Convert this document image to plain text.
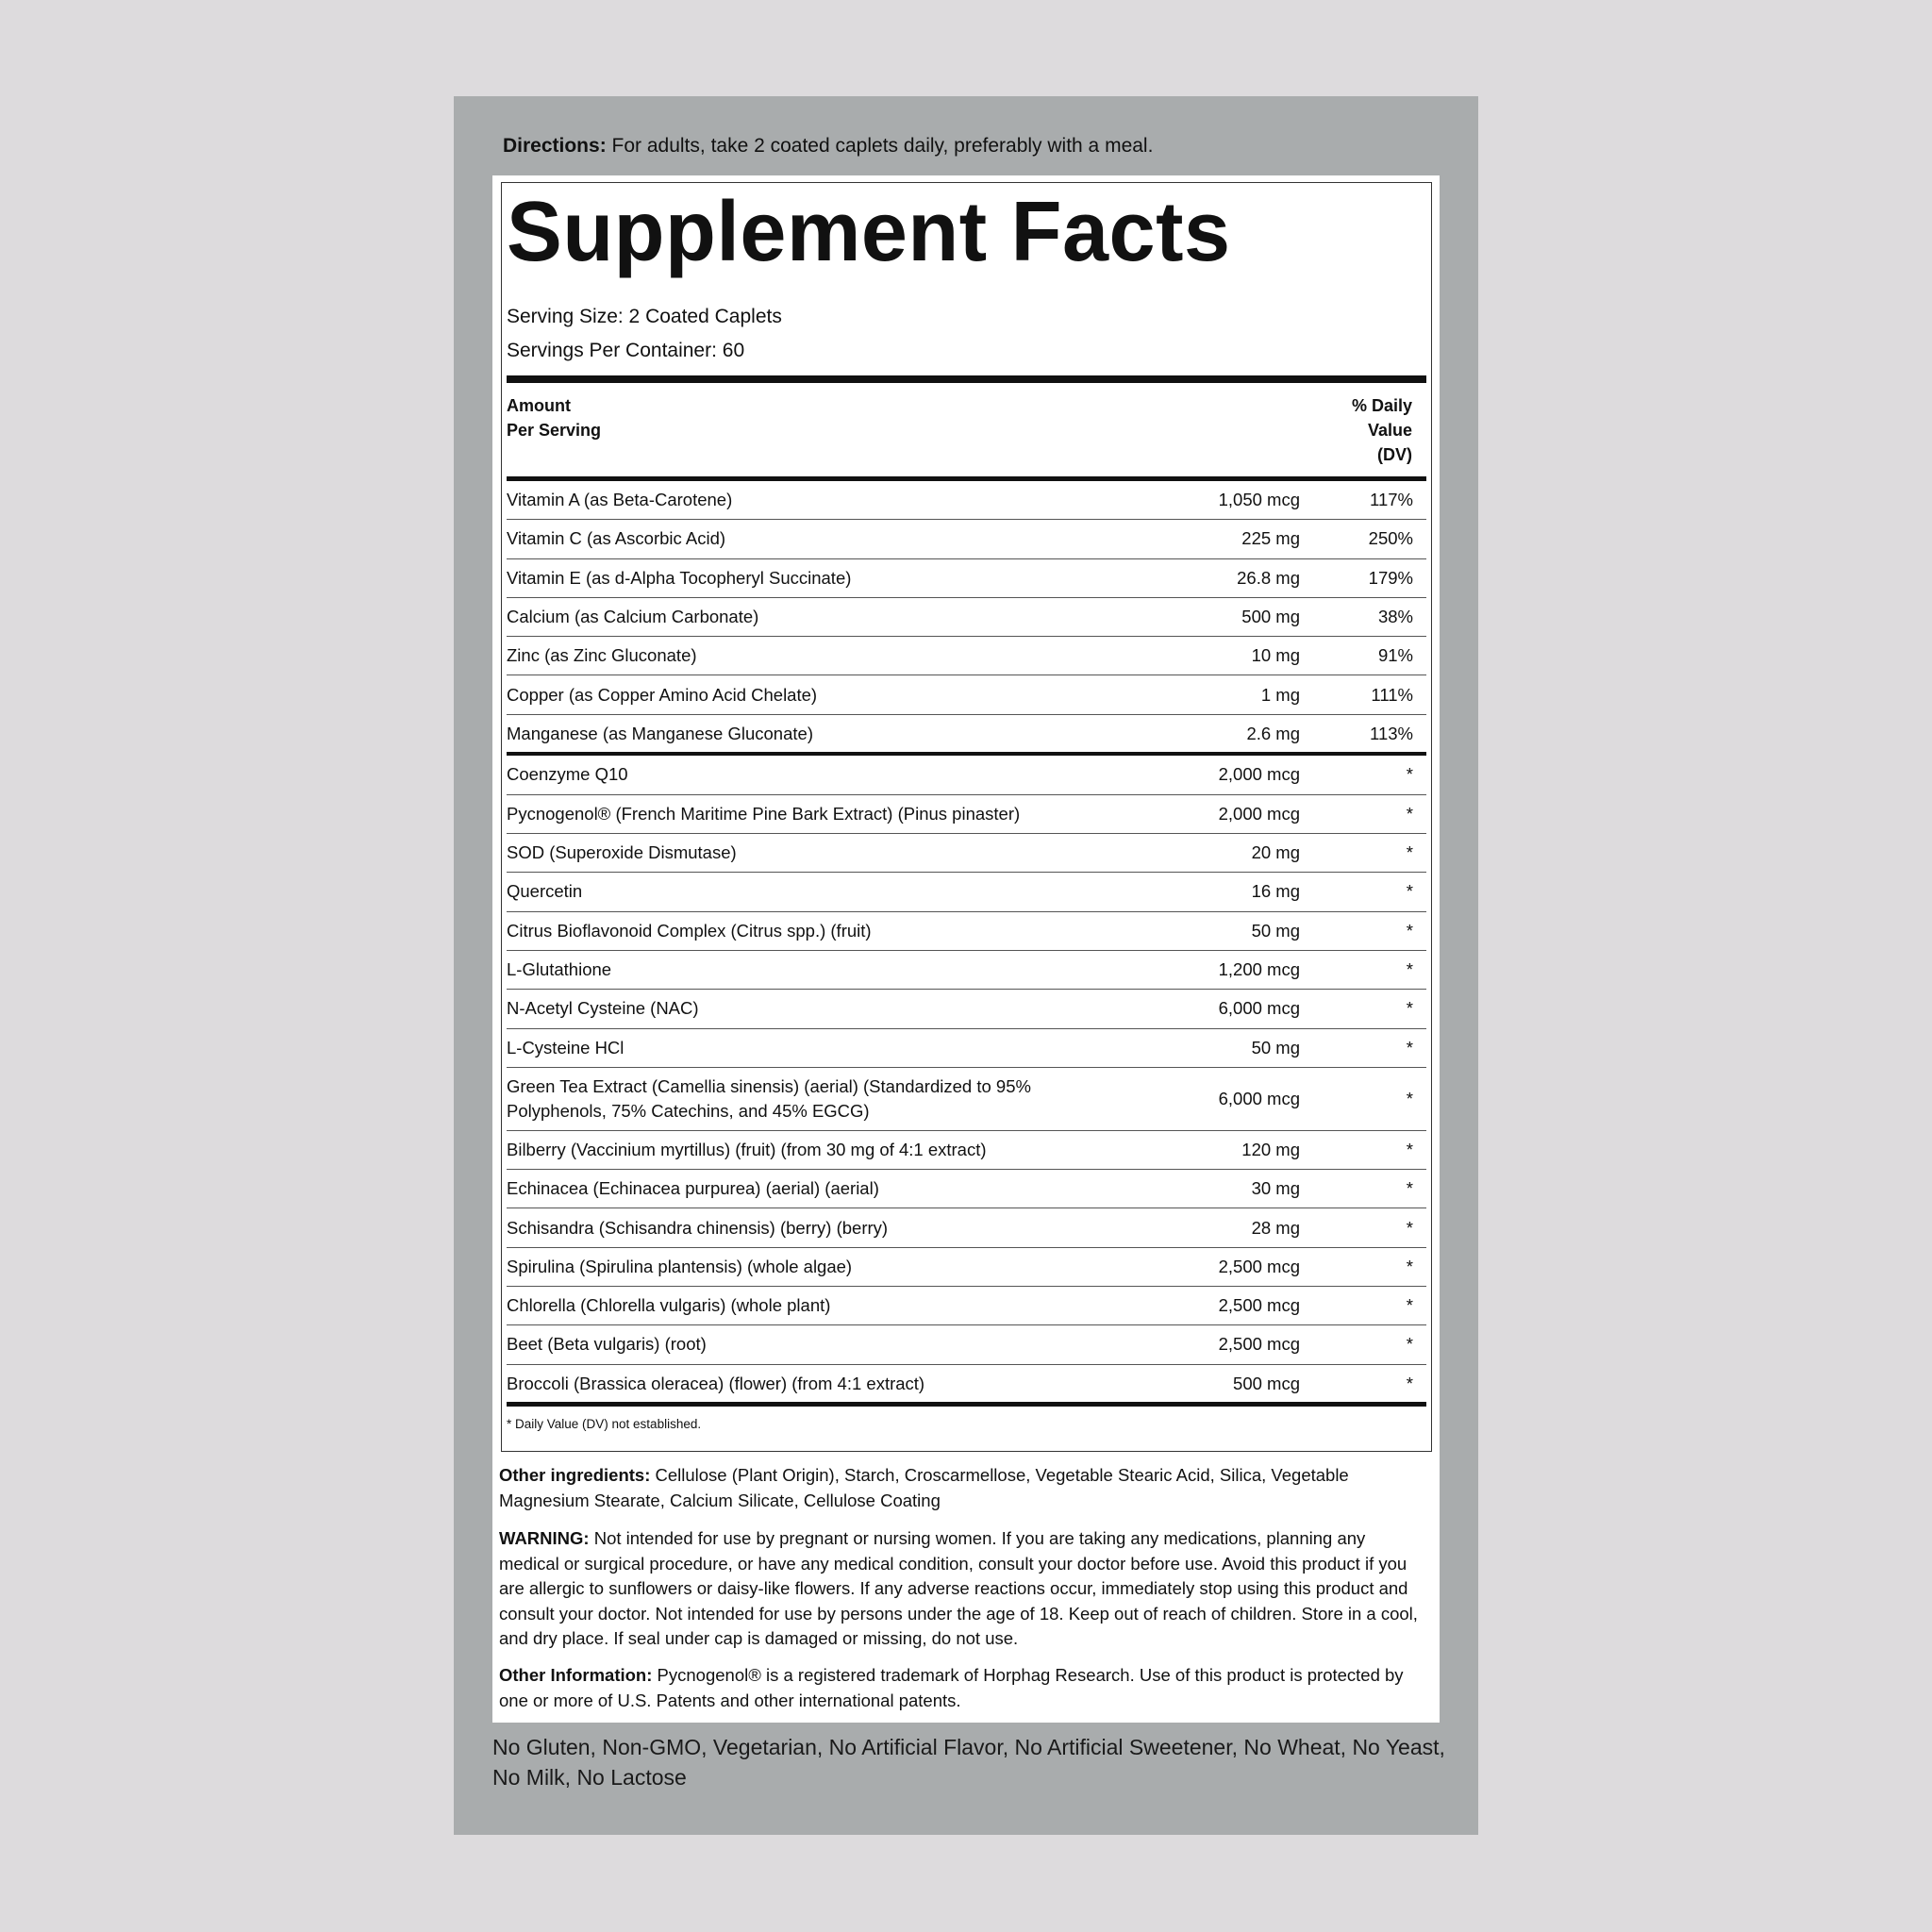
Directions: For adults, take 2 coated caplets daily, preferably with a meal.
Supplement Facts
Serving Size: 2 Coated Caplets
Servings Per Container: 60
Amount
Per Serving
% Daily
Value
(DV)
Vitamin A (as Beta-Carotene)	1,050 mcg	117%
Vitamin C (as Ascorbic Acid)	225 mg	250%
Vitamin E (as d-Alpha Tocopheryl Succinate)	26.8 mg	179%
Calcium (as Calcium Carbonate)	500 mg	38%
Zinc (as Zinc Gluconate)	10 mg	91%
Copper (as Copper Amino Acid Chelate)	1 mg	111%
Manganese (as Manganese Gluconate)	2.6 mg	113%
Coenzyme Q10	2,000 mcg	*
Pycnogenol® (French Maritime Pine Bark Extract) (Pinus pinaster)	2,000 mcg	*
SOD (Superoxide Dismutase)	20 mg	*
Quercetin	16 mg	*
Citrus Bioflavonoid Complex (Citrus spp.) (fruit)	50 mg	*
L-Glutathione	1,200 mcg	*
N-Acetyl Cysteine (NAC)	6,000 mcg	*
L-Cysteine HCl	50 mg	*
Green Tea Extract (Camellia sinensis) (aerial) (Standardized to 95%
Polyphenols, 75% Catechins, and 45% EGCG)
6,000 mcg	*
Bilberry (Vaccinium myrtillus) (fruit) (from 30 mg of 4:1 extract)	120 mg	*
Echinacea (Echinacea purpurea) (aerial) (aerial)	30 mg	*
Schisandra (Schisandra chinensis) (berry) (berry)	28 mg	*
Spirulina (Spirulina plantensis) (whole algae)	2,500 mcg	*
Chlorella (Chlorella vulgaris) (whole plant)	2,500 mcg	*
Beet (Beta vulgaris) (root)	2,500 mcg	*
Broccoli (Brassica oleracea) (flower) (from 4:1 extract)	500 mcg	*
* Daily Value (DV) not established.
Other ingredients: Cellulose (Plant Origin), Starch, Croscarmellose, Vegetable Stearic Acid, Silica, Vegetable Magnesium Stearate, Calcium Silicate, Cellulose Coating
WARNING: Not intended for use by pregnant or nursing women. If you are taking any medications, planning any medical or surgical procedure, or have any medical condition, consult your doctor before use. Avoid this product if you are allergic to sunflowers or daisy-like flowers. If any adverse reactions occur, immediately stop using this product and consult your doctor. Not intended for use by persons under the age of 18. Keep out of reach of children. Store in a cool, and dry place. If seal under cap is damaged or missing, do not use.
Other Information: Pycnogenol® is a registered trademark of Horphag Research. Use of this product is protected by one or more of U.S. Patents and other international patents.
No Gluten, Non-GMO, Vegetarian, No Artificial Flavor, No Artificial Sweetener, No Wheat, No Yeast, No Milk, No Lactose
